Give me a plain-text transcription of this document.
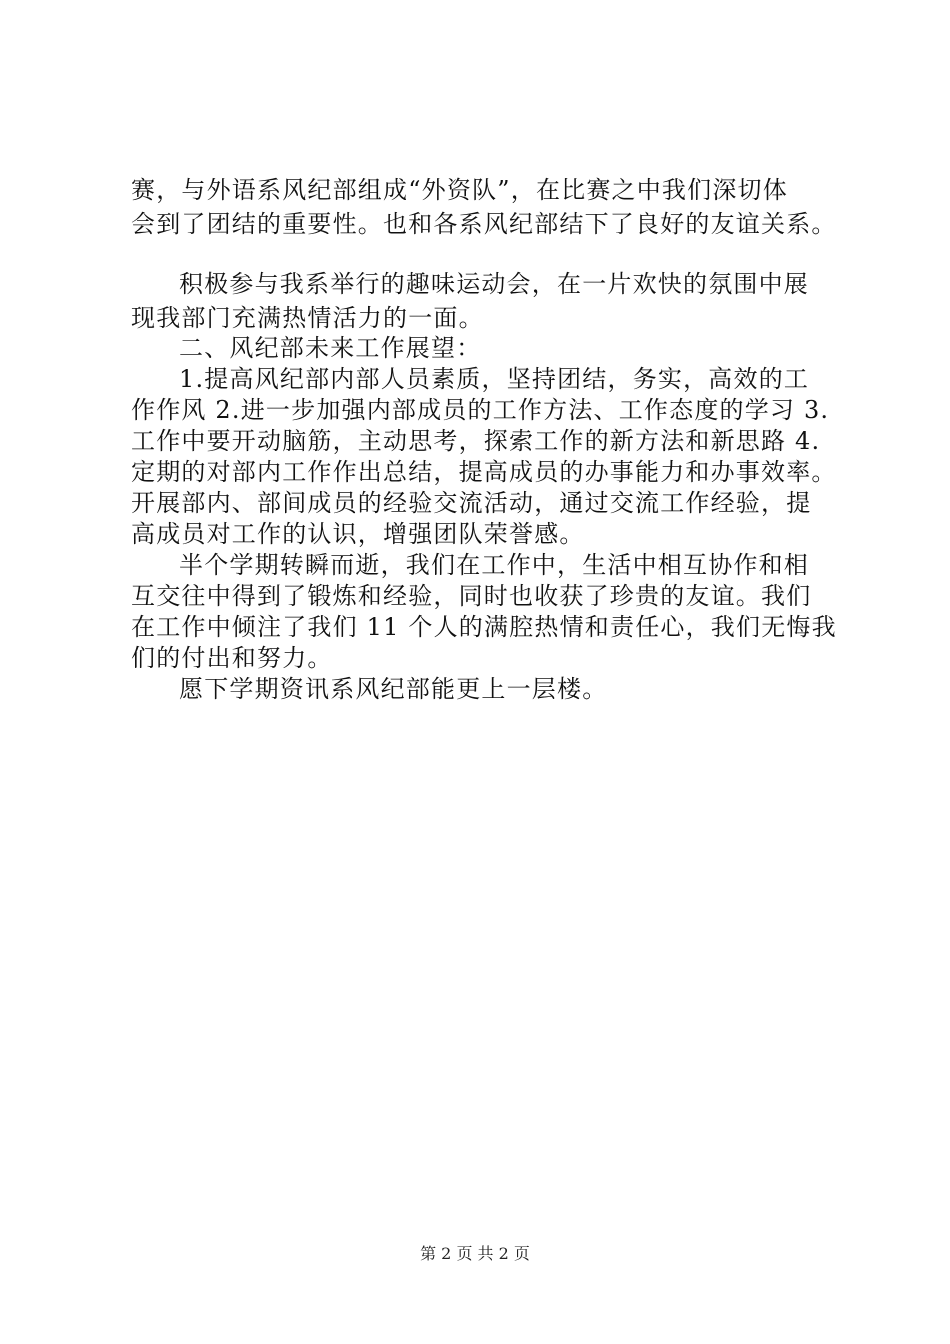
赛，与外语系风纪部组成“外资队”，在比赛之中我们深切体
会到了团结的重要性。也和各系风纪部结下了良好的友谊关系。
积极参与我系举行的趣味运动会，在一片欢快的氛围中展
现我部门充满热情活力的一面。
二、风纪部未来工作展望：
1.提高风纪部内部人员素质，坚持团结，务实，高效的工
作作风 2.进一步加强内部成员的工作方法、工作态度的学习 3.
工作中要开动脑筋，主动思考，探索工作的新方法和新思路 4.
定期的对部内工作作出总结，提高成员的办事能力和办事效率。
开展部内、部间成员的经验交流活动，通过交流工作经验，提
高成员对工作的认识，增强团队荣誉感。
半个学期转瞬而逝，我们在工作中，生活中相互协作和相
互交往中得到了锻炼和经验，同时也收获了珍贵的友谊。我们
在工作中倾注了我们 11 个人的满腔热情和责任心，我们无悔我
们的付出和努力。
愿下学期资讯系风纪部能更上一层楼。
第 2 页 共 2 页
